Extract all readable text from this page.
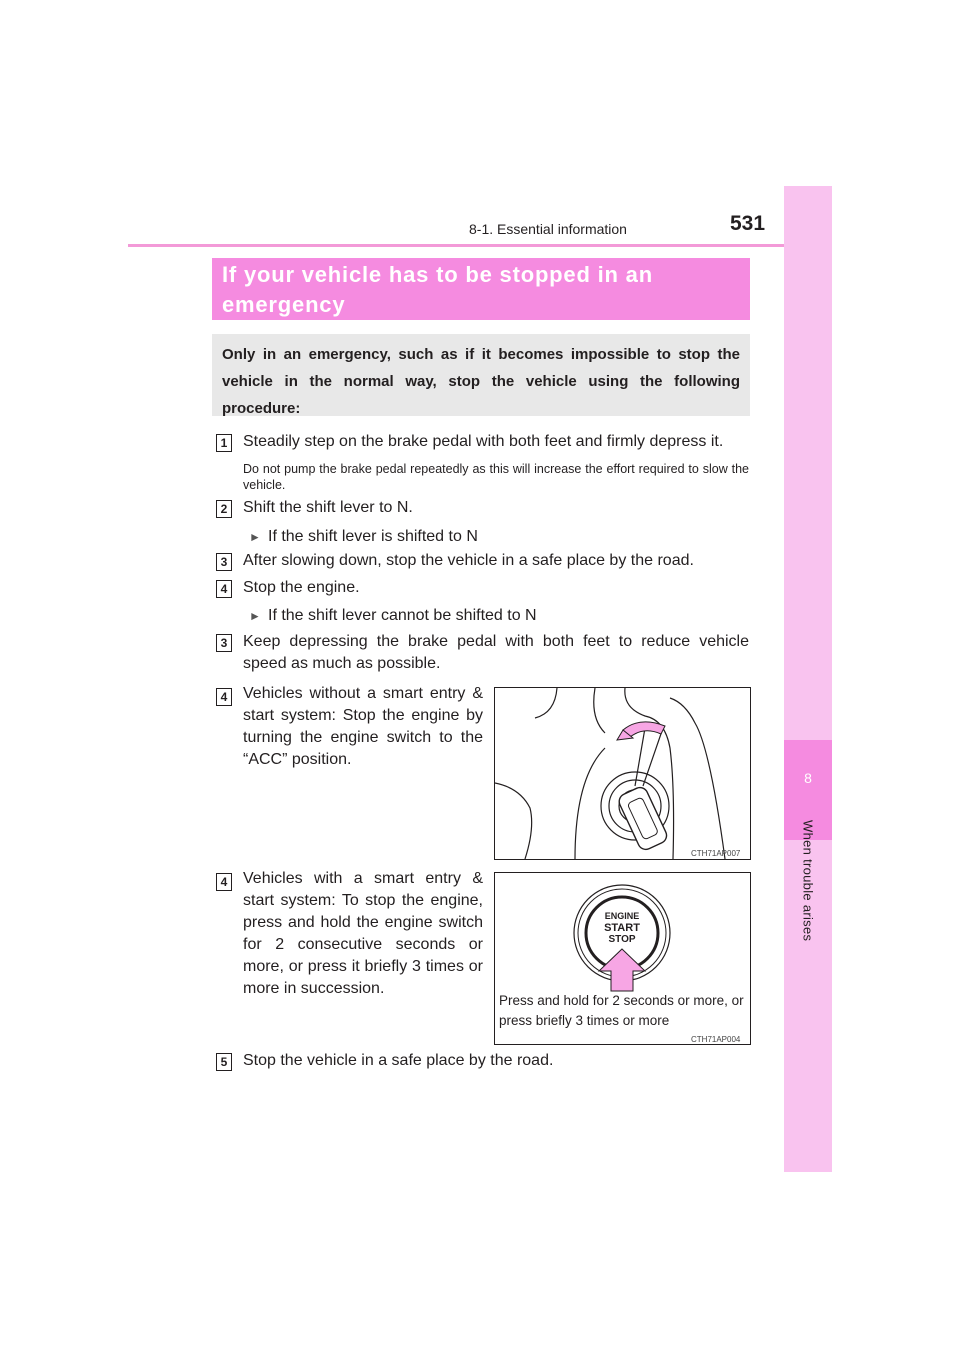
8-1. Essential information	531
8
When trouble arises
If your vehicle has to be stopped in an emergency
Only in an emergency, such as if it becomes impossible to stop the vehicle in the normal way, stop the vehicle using the following procedure:
1 Steadily step on the brake pedal with both feet and firmly depress it.
Do not pump the brake pedal repeatedly as this will increase the effort required to slow the vehicle.
2 Shift the shift lever to N.
► If the shift lever is shifted to N
3 After slowing down, stop the vehicle in a safe place by the road.
4 Stop the engine.
► If the shift lever cannot be shifted to N
3 Keep depressing the brake pedal with both feet to reduce vehicle speed as much as possible.
4 Vehicles without a smart entry & start system: Stop the engine by turning the engine switch to the “ACC” position.
CTH71AP007
4 Vehicles with a smart entry & start system: To stop the engine, press and hold the engine switch for 2 consecutive seconds or more, or press it briefly 3 times or more in succession.
ENGINE
START
STOP
Press and hold for 2 seconds or more, or press briefly 3 times or more
CTH71AP004
5 Stop the vehicle in a safe place by the road.
